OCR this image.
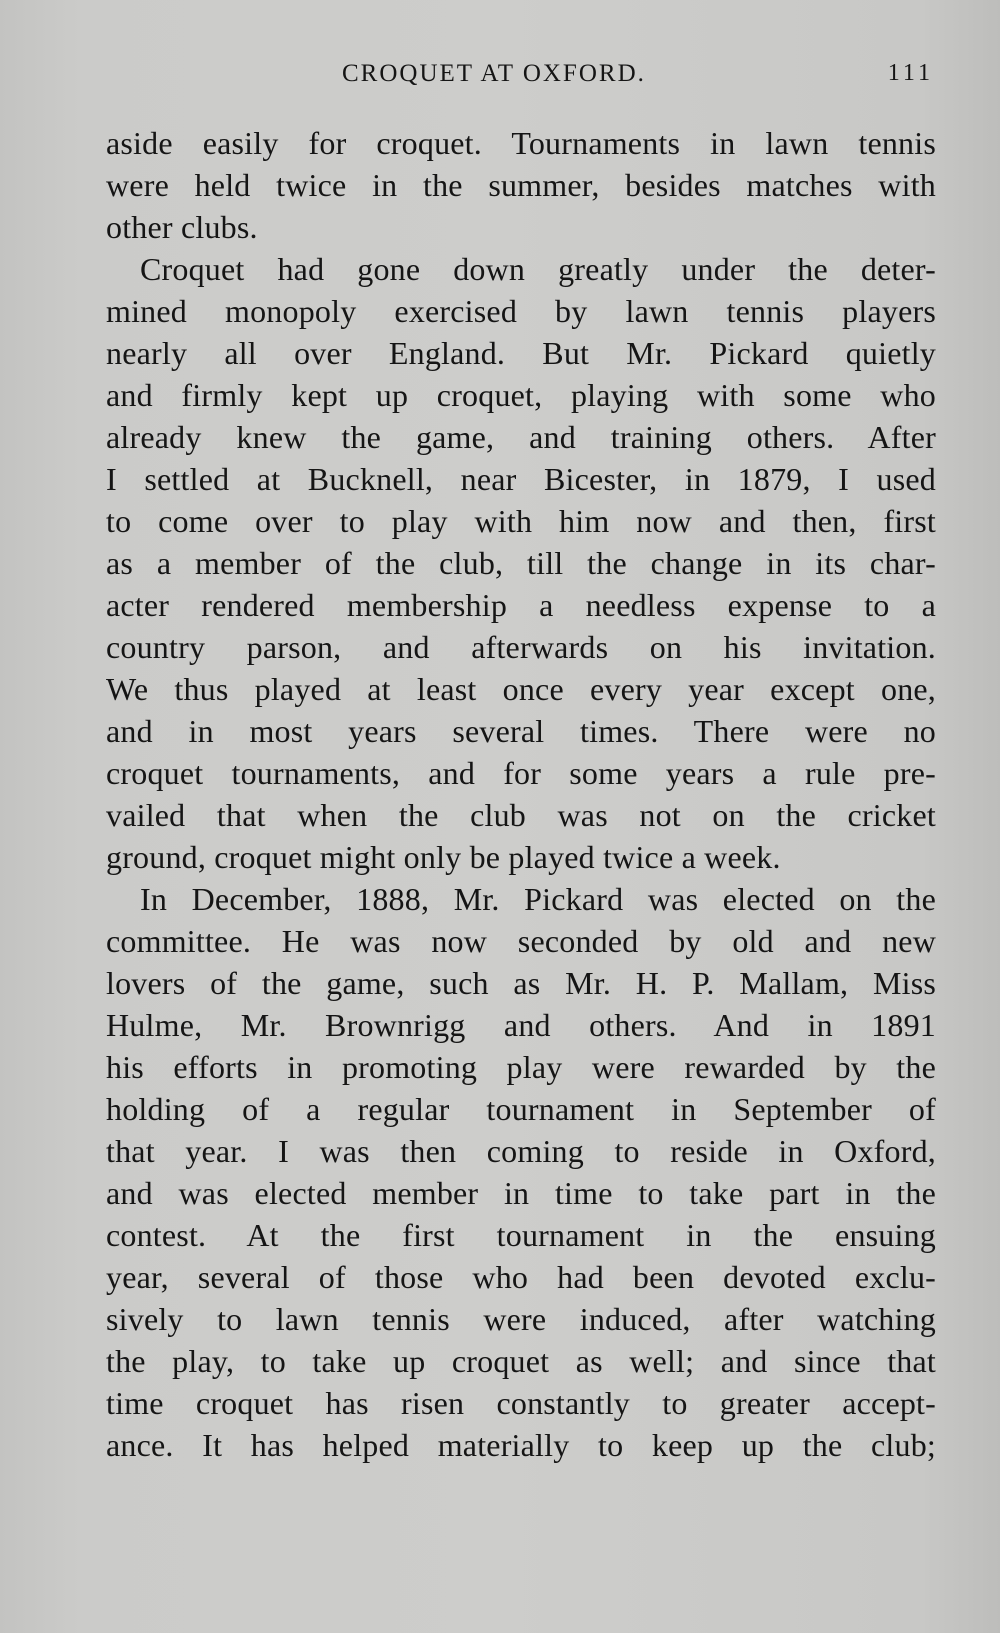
CROQUET AT OXFORD.	111
aside easily for croquet. Tournaments in lawn tennis
were held twice in the summer, besides matches with
other clubs.
Croquet had gone down greatly under the deter-
mined monopoly exercised by lawn tennis players
nearly all over England. But Mr. Pickard quietly
and firmly kept up croquet, playing with some who
already knew the game, and training others. After
I settled at Bucknell, near Bicester, in 1879, I used
to come over to play with him now and then, first
as a member of the club, till the change in its char-
acter rendered membership a needless expense to a
country parson, and afterwards on his invitation.
We thus played at least once every year except one,
and in most years several times. There were no
croquet tournaments, and for some years a rule pre-
vailed that when the club was not on the cricket
ground, croquet might only be played twice a week.
In December, 1888, Mr. Pickard was elected on the
committee. He was now seconded by old and new
lovers of the game, such as Mr. H. P. Mallam, Miss
Hulme, Mr. Brownrigg and others. And in 1891
his efforts in promoting play were rewarded by the
holding of a regular tournament in September of
that year. I was then coming to reside in Oxford,
and was elected member in time to take part in the
contest. At the first tournament in the ensuing
year, several of those who had been devoted exclu-
sively to lawn tennis were induced, after watching
the play, to take up croquet as well; and since that
time croquet has risen constantly to greater accept-
ance. It has helped materially to keep up the club;
